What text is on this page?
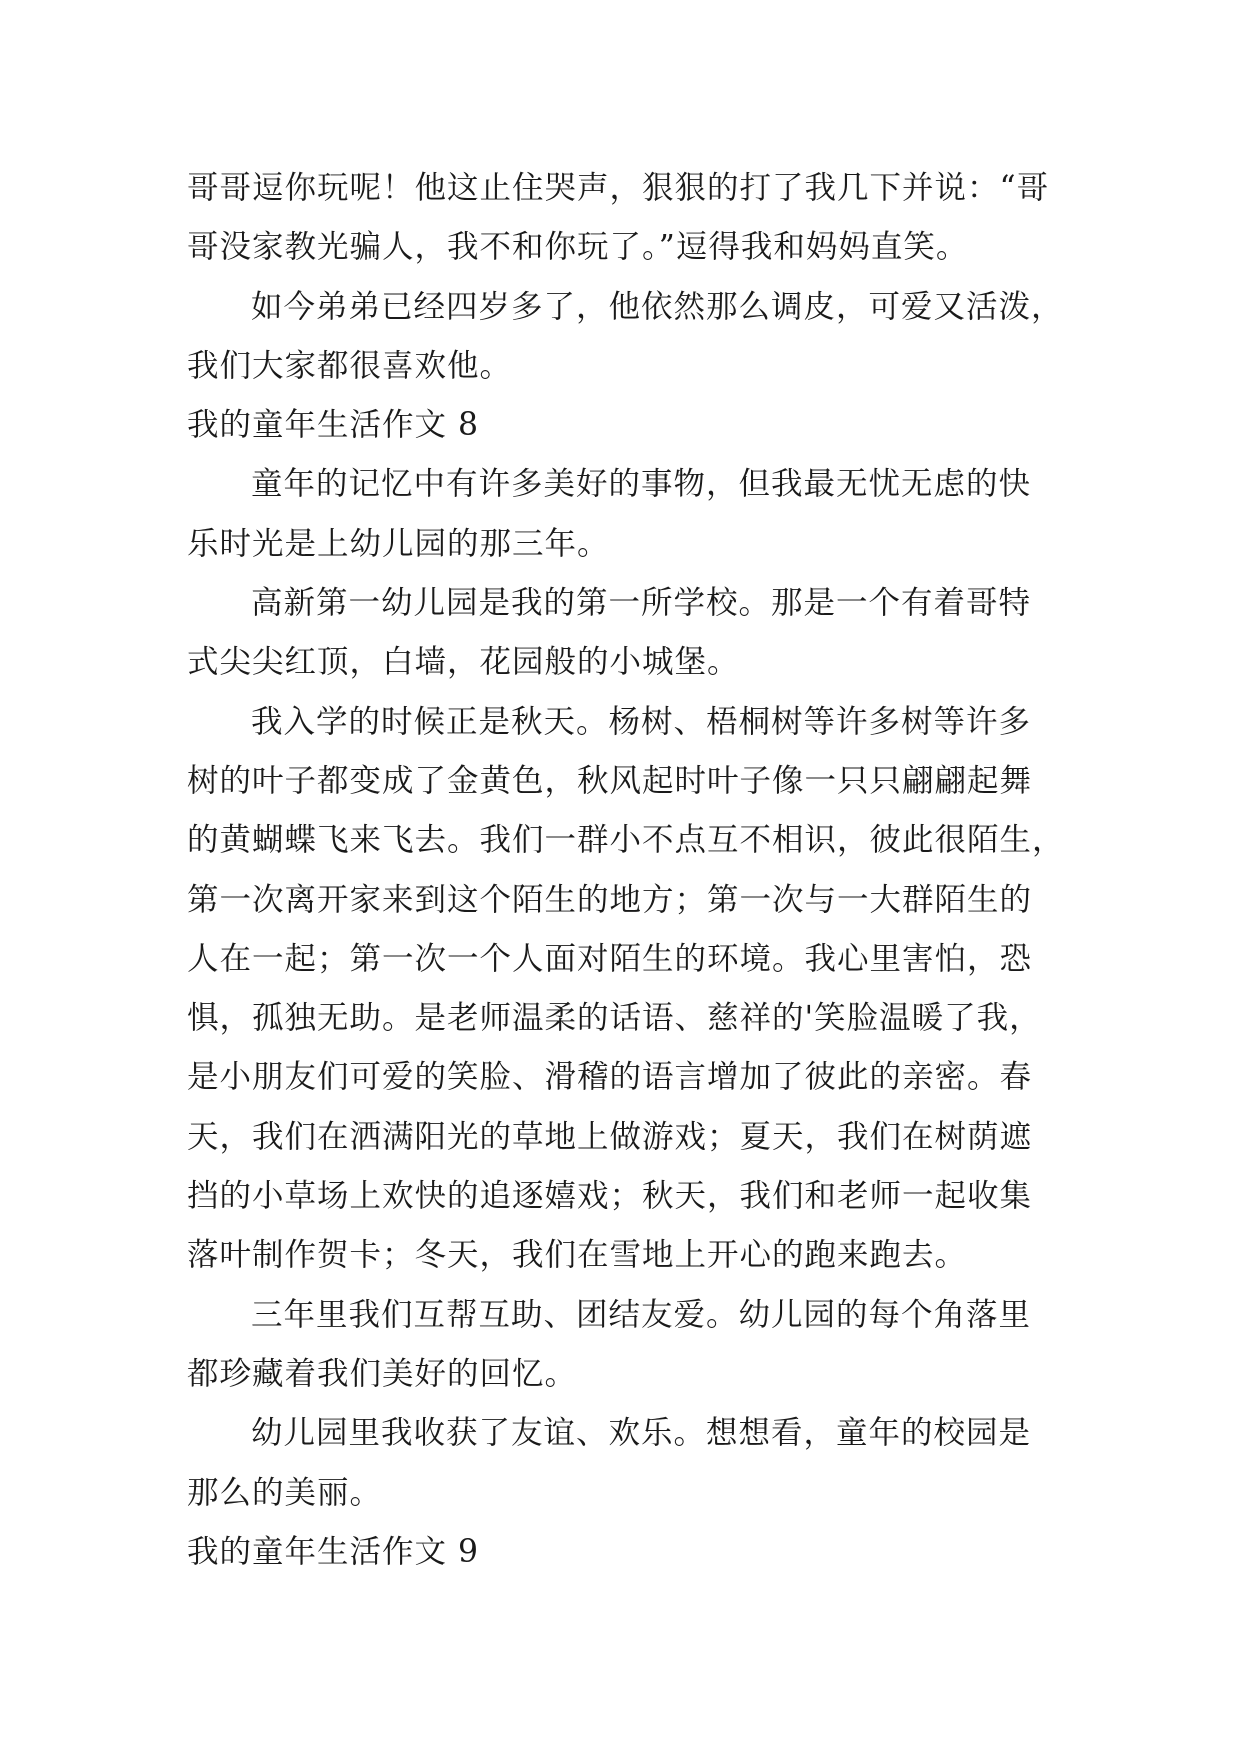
哥哥逗你玩呢！他这止住哭声，狠狠的打了我几下并说：“哥
哥没家教光骗人，我不和你玩了。”逗得我和妈妈直笑。
如今弟弟已经四岁多了，他依然那么调皮，可爱又活泼，
我们大家都很喜欢他。
我的童年生活作文 8
童年的记忆中有许多美好的事物，但我最无忧无虑的快
乐时光是上幼儿园的那三年。
高新第一幼儿园是我的第一所学校。那是一个有着哥特
式尖尖红顶，白墙，花园般的小城堡。
我入学的时候正是秋天。杨树、梧桐树等许多树等许多
树的叶子都变成了金黄色，秋风起时叶子像一只只翩翩起舞
的黄蝴蝶飞来飞去。我们一群小不点互不相识，彼此很陌生，
第一次离开家来到这个陌生的地方；第一次与一大群陌生的
人在一起；第一次一个人面对陌生的环境。我心里害怕，恐
惧，孤独无助。是老师温柔的话语、慈祥的'笑脸温暖了我，
是小朋友们可爱的笑脸、滑稽的语言增加了彼此的亲密。春
天，我们在洒满阳光的草地上做游戏；夏天，我们在树荫遮
挡的小草场上欢快的追逐嬉戏；秋天，我们和老师一起收集
落叶制作贺卡；冬天，我们在雪地上开心的跑来跑去。
三年里我们互帮互助、团结友爱。幼儿园的每个角落里
都珍藏着我们美好的回忆。
幼儿园里我收获了友谊、欢乐。想想看，童年的校园是
那么的美丽。
我的童年生活作文 9
